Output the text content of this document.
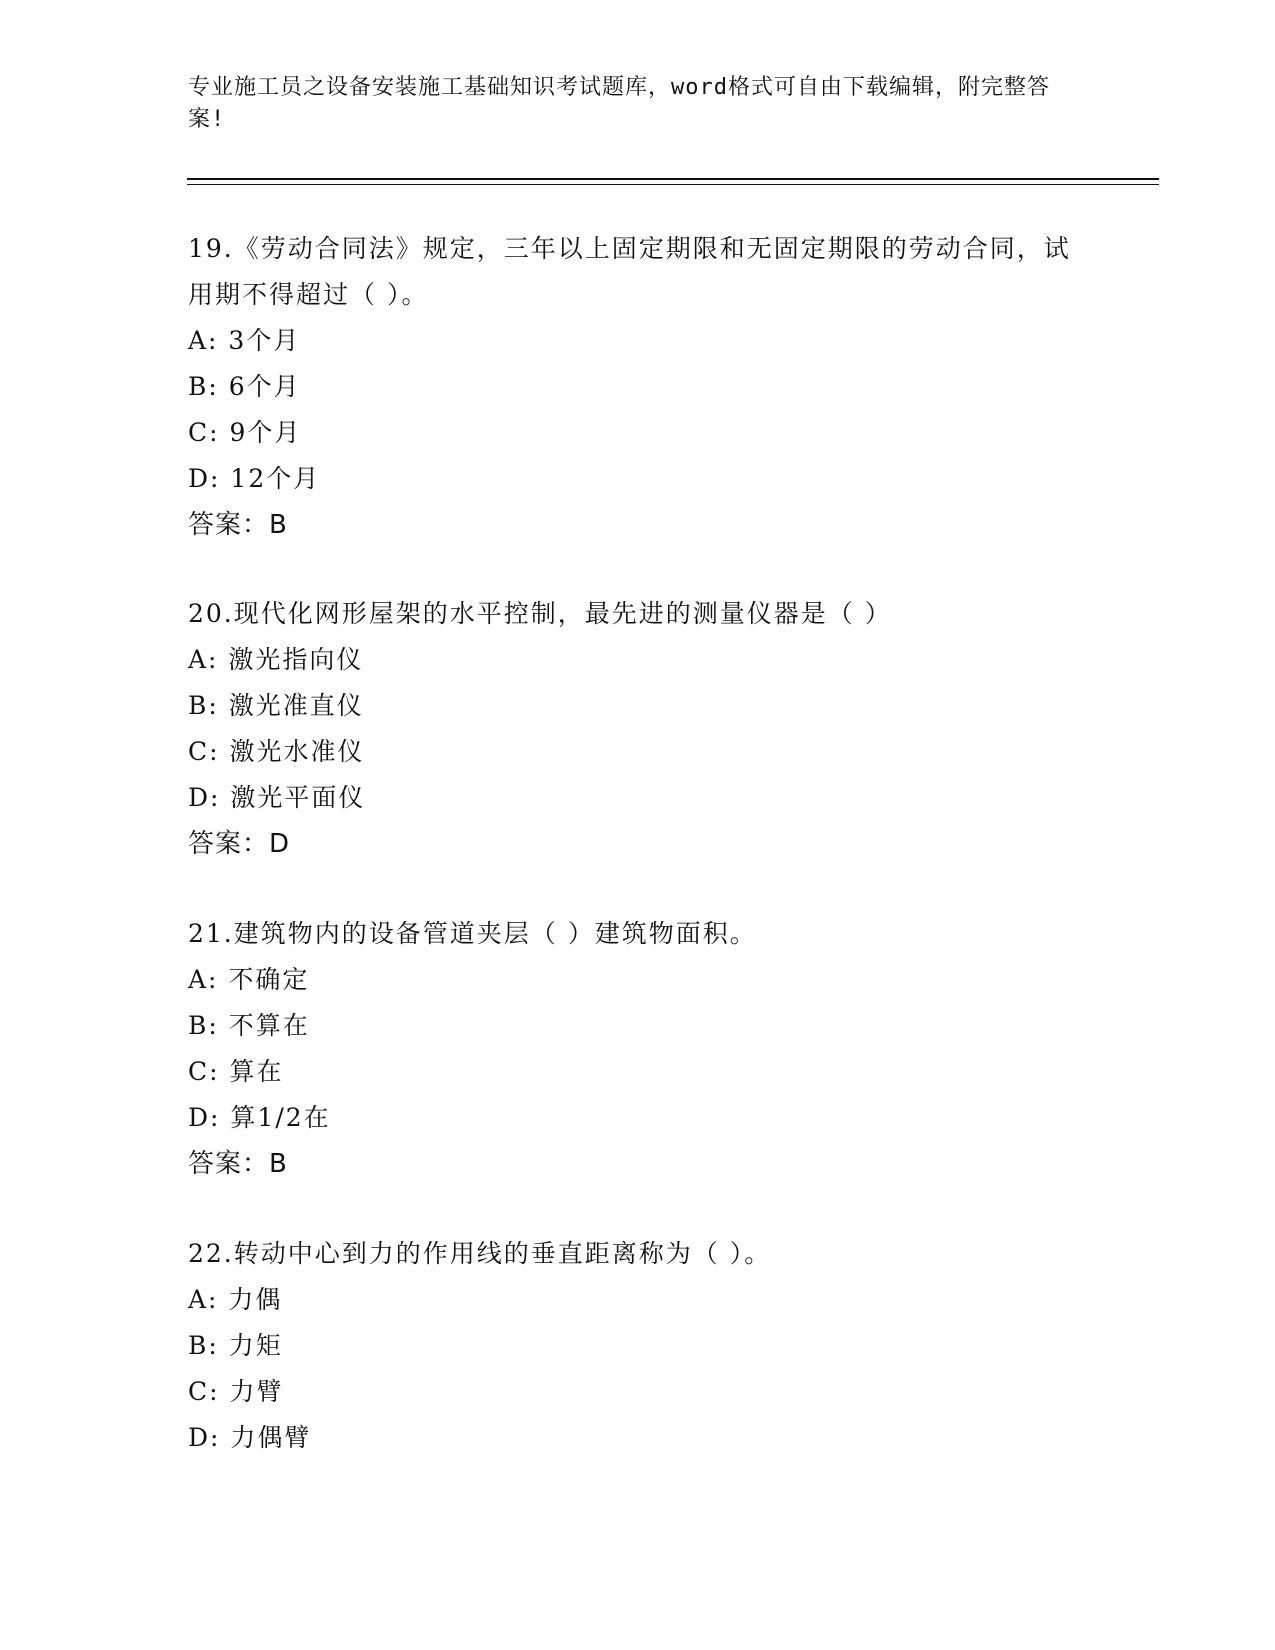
专业施工员之设备安装施工基础知识考试题库，word格式可自由下载编辑，附完整答案!

19.《劳动合同法》规定，三年以上固定期限和无固定期限的劳动合同，试用期不得超过（ ）。

A: 3个月

B: 6个月

C: 9个月

D: 12个月

答案：B

20.现代化网形屋架的水平控制，最先进的测量仪器是（ ）

A: 激光指向仪

B: 激光准直仪

C: 激光水准仪

D: 激光平面仪

答案：D

21.建筑物内的设备管道夹层（ ）建筑物面积。

A: 不确定

B: 不算在

C: 算在

D: 算1/2在

答案：B

22.转动中心到力的作用线的垂直距离称为（ ）。

A: 力偶

B: 力矩

C: 力臂

D: 力偶臂
